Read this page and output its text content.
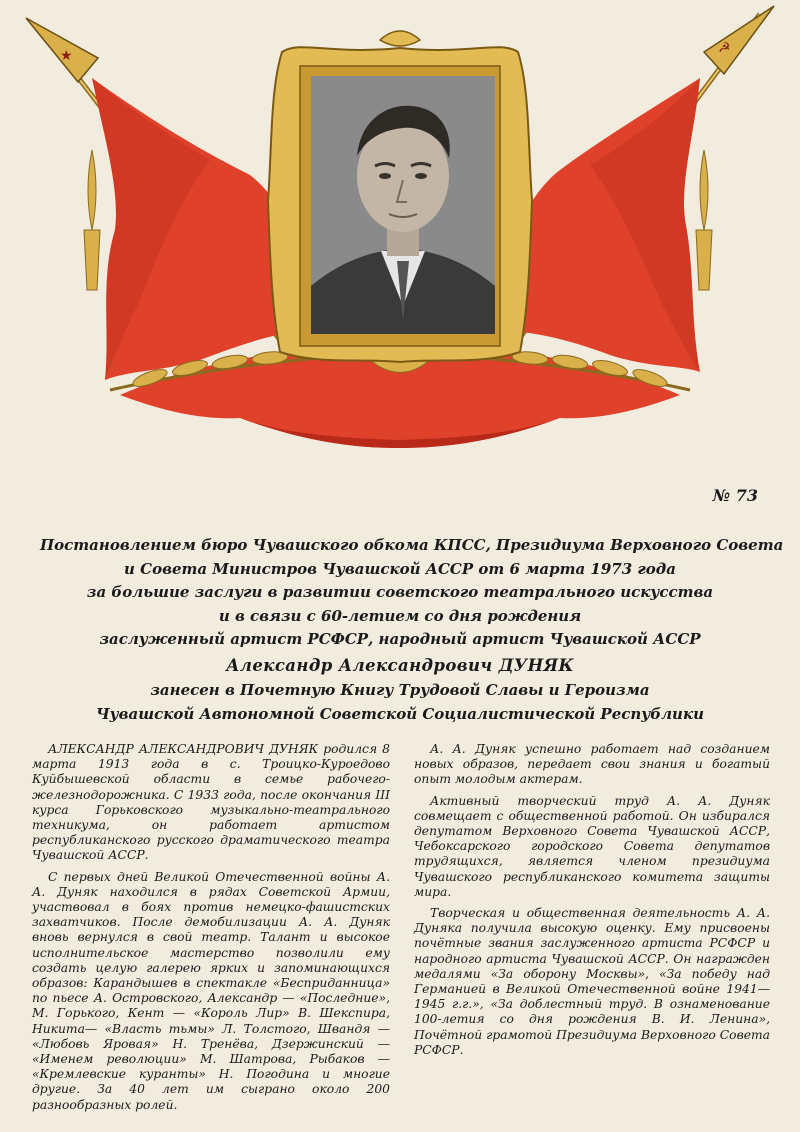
★	☭
№ 73
Постановлением бюро Чувашского обкома КПСС, Президиума Верховного Совета
и Совета Министров Чувашской АССР от 6 марта 1973 года
за большие заслуги в развитии советского театрального искусства
и в связи с 60-летием со дня рождения
заслуженный артист РСФСР, народный артист Чувашской АССР
Александр Александрович ДУНЯК
занесен в Почетную Книгу Трудовой Славы и Героизма
Чувашской Автономной Советской Социалистической Республики

АЛЕКСАНДР АЛЕКСАНДРОВИЧ ДУНЯК родился 8 марта 1913 года в с. Троицко-Куроедово Куйбышевской области в семье рабочего-железнодорожника. С 1933 года, после окончания III курса Горьковского музыкально-театрального техникума, он работает артистом республиканского русского драматического театра Чувашской АССР.

С первых дней Великой Отечественной войны А. А. Дуняк находился в рядах Советской Армии, участвовал в боях против немецко-фашистских захватчиков. После демобилизации А. А. Дуняк вновь вернулся в свой театр. Талант и высокое исполнительское мастерство позволили ему создать целую галерею ярких и запоминающихся образов: Карандышев в спектакле «Бесприданница» по пьесе А. Островского, Александр — «Последние», М. Горького, Кент — «Король Лир» В. Шекспира, Никита— «Власть тьмы» Л. Толстого, Швандя — «Любовь Яровая» Н. Тренёва, Дзержинский — «Именем революции» М. Шатрова, Рыбаков — «Кремлевские куранты» Н. Погодина и многие другие. За 40 лет им сыграно около 200 разнообразных ролей.

А. А. Дуняк успешно работает над созданием новых образов, передает свои знания и богатый опыт молодым актерам.

Активный творческий труд А. А. Дуняк совмещает с общественной работой. Он избирался депутатом Верховного Совета Чувашской АССР, Чебоксарского городского Совета депутатов трудящихся, является членом президиума Чувашского республиканского комитета защиты мира.

Творческая и общественная деятельность А. А. Дуняка получила высокую оценку. Ему присвоены почётные звания заслуженного артиста РСФСР и народного артиста Чувашской АССР. Он награжден медалями «За оборону Москвы», «За победу над Германией в Великой Отечественной войне 1941—1945 г.г.», «За доблестный труд. В ознаменование 100-летия со дня рождения В. И. Ленина», Почётной грамотой Президиума Верховного Совета РСФСР.
